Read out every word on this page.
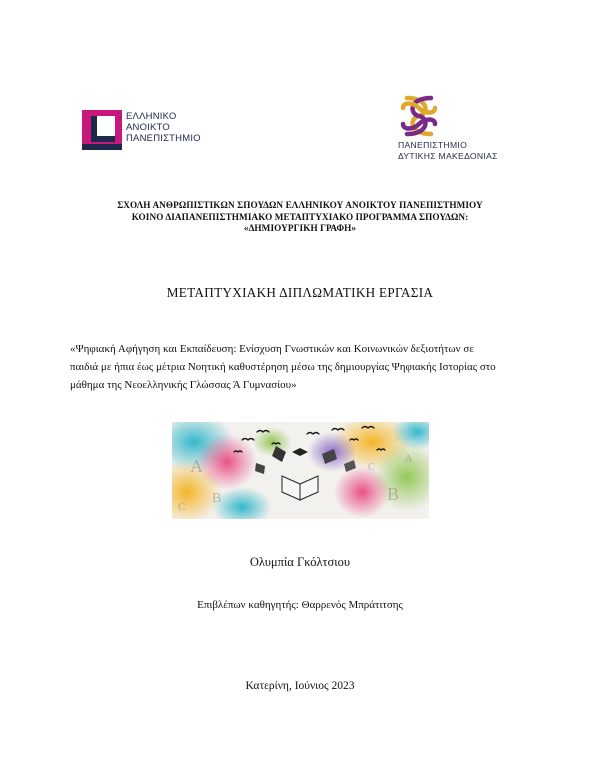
ΕΛΛΗΝΙΚΟ
ΑΝΟΙΚΤΟ
ΠΑΝΕΠΙΣΤΗΜΙΟ
ΠΑΝΕΠΙΣΤΗΜΙΟ
ΔΥΤΙΚΗΣ ΜΑΚΕΔΟΝΙΑΣ
ΣΧΟΛΗ ΑΝΘΡΩΠΙΣΤΙΚΩΝ ΣΠΟΥΔΩΝ ΕΛΛΗΝΙΚΟΥ ΑΝΟΙΚΤΟΥ ΠΑΝΕΠΙΣΤΗΜΙΟΥ
ΚΟΙΝΟ ΔΙΑΠΑΝΕΠΙΣΤΗΜΙΑΚΟ ΜΕΤΑΠΤΥΧΙΑΚΟ ΠΡΟΓΡΑΜΜΑ ΣΠΟΥΔΩΝ:
«ΔΗΜΙΟΥΡΓΙΚΗ ΓΡΑΦΗ»
ΜΕΤΑΠΤΥΧΙΑΚΗ ΔΙΠΛΩΜΑΤΙΚΗ ΕΡΓΑΣΙΑ
«Ψηφιακή Αφήγηση και Εκπαίδευση: Ενίσχυση Γνωστικών και Κοινωνικών δεξιοτήτων σε
παιδιά με ήπια έως μέτρια Νοητική καθυστέρηση μέσω της δημιουργίας Ψηφιακής Ιστορίας στο
μάθημα της Νεοελληνικής Γλώσσας Ά Γυμνασίου»
A
B
C
B
A
C
Ολυμπία Γκόλτσιου
Επιβλέπων καθηγητής: Θαρρενός Μπράτιτσης
Κατερίνη, Ιούνιος 2023
